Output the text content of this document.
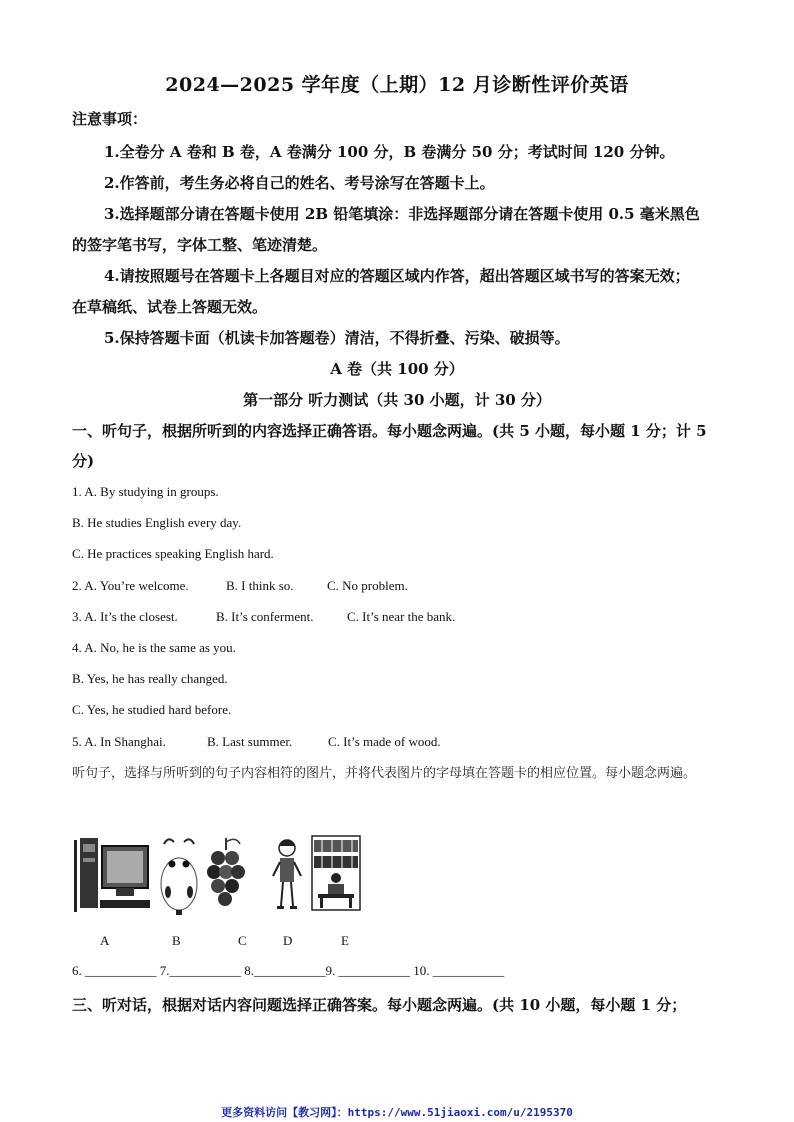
2024—2025 学年度（上期）12 月诊断性评价英语
注意事项：
1.全卷分 A 卷和 B 卷，A 卷满分 100 分，B 卷满分 50 分；考试时间 120 分钟。
2.作答前，考生务必将自己的姓名、考号涂写在答题卡上。
3.选择题部分请在答题卡使用 2B 铅笔填涂：非选择题部分请在答题卡使用 0.5 毫米黑色
的签字笔书写，字体工整、笔迹清楚。
4.请按照题号在答题卡上各题目对应的答题区域内作答，超出答题区域书写的答案无效；
在草稿纸、试卷上答题无效。
5.保持答题卡面（机读卡加答题卷）清洁，不得折叠、污染、破损等。
A 卷（共 100 分）
第一部分 听力测试（共 30 小题，计 30 分）
一、听句子，根据所听到的内容选择正确答语。每小题念两遍。(共 5 小题，每小题 1 分；计 5 分)
1. A. By studying in groups.
B. He studies English every day.
C. He practices speaking English hard.
2. A. You’re welcome.	B. I think so.	C. No problem.
3. A. It’s the closest.	B. It’s conferment.	C. It’s near the bank.
4. A. No, he is the same as you.
B. Yes, he has really changed.
C. Yes, he studied hard before.
5. A. In Shanghai.	B. Last summer.	C. It’s made of wood.
听句子，选择与所听到的句子内容相符的图片，并将代表图片的字母填在答题卡的相应位置。每小题念两遍。
A	B	C	D	E
6. ___________ 7.___________ 8.___________9. ___________ 10. ___________
三、听对话，根据对话内容问题选择正确答案。每小题念两遍。(共 10 小题，每小题 1 分；
更多资料访问【教习网】：https://www.51jiaoxi.com/u/2195370
